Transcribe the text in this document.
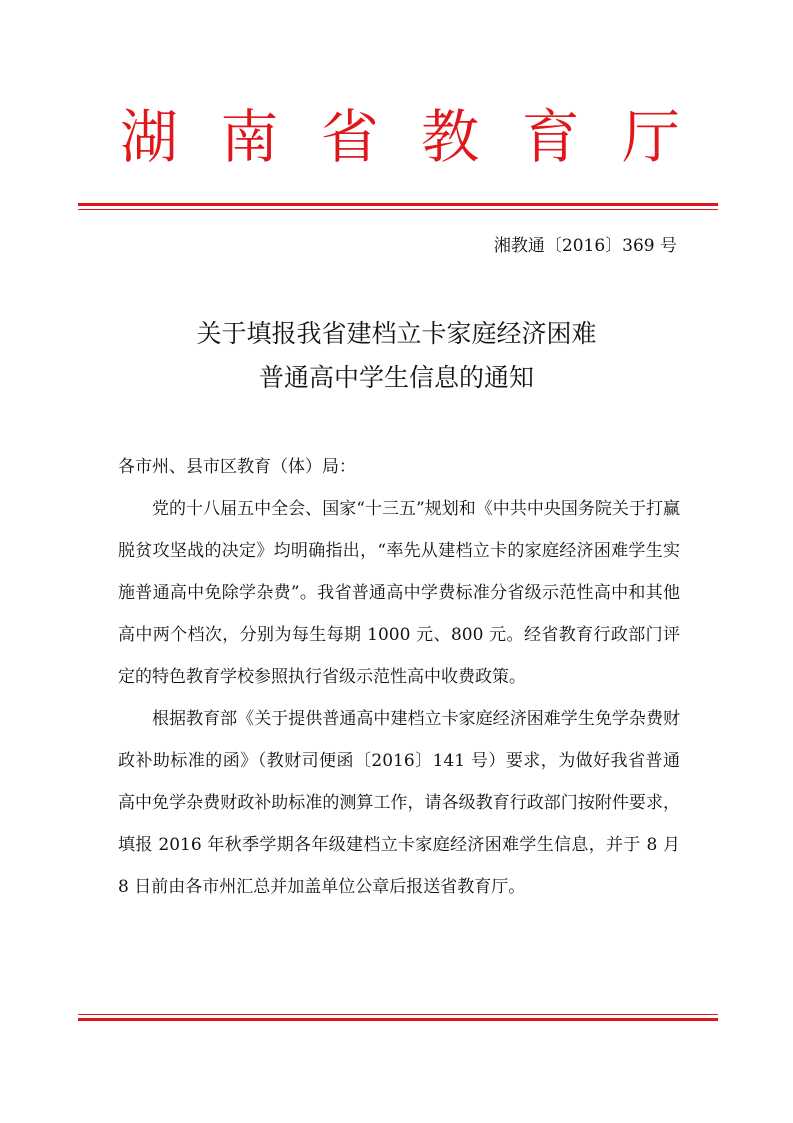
湖 南 省 教 育 厅
湘教通〔2016〕369 号
关于填报我省建档立卡家庭经济困难
普通高中学生信息的通知
各市州、县市区教育（体）局：
党的十八届五中全会、国家“十三五”规划和《中共中央国务院关于打赢脱贫攻坚战的决定》均明确指出，“率先从建档立卡的家庭经济困难学生实施普通高中免除学杂费”。我省普通高中学费标准分省级示范性高中和其他高中两个档次，分别为每生每期 1000 元、800 元。经省教育行政部门评定的特色教育学校参照执行省级示范性高中收费政策。
根据教育部《关于提供普通高中建档立卡家庭经济困难学生免学杂费财政补助标准的函》（教财司便函〔2016〕141 号）要求，为做好我省普通高中免学杂费财政补助标准的测算工作，请各级教育行政部门按附件要求，填报 2016 年秋季学期各年级建档立卡家庭经济困难学生信息，并于 8 月 8 日前由各市州汇总并加盖单位公章后报送省教育厅。
